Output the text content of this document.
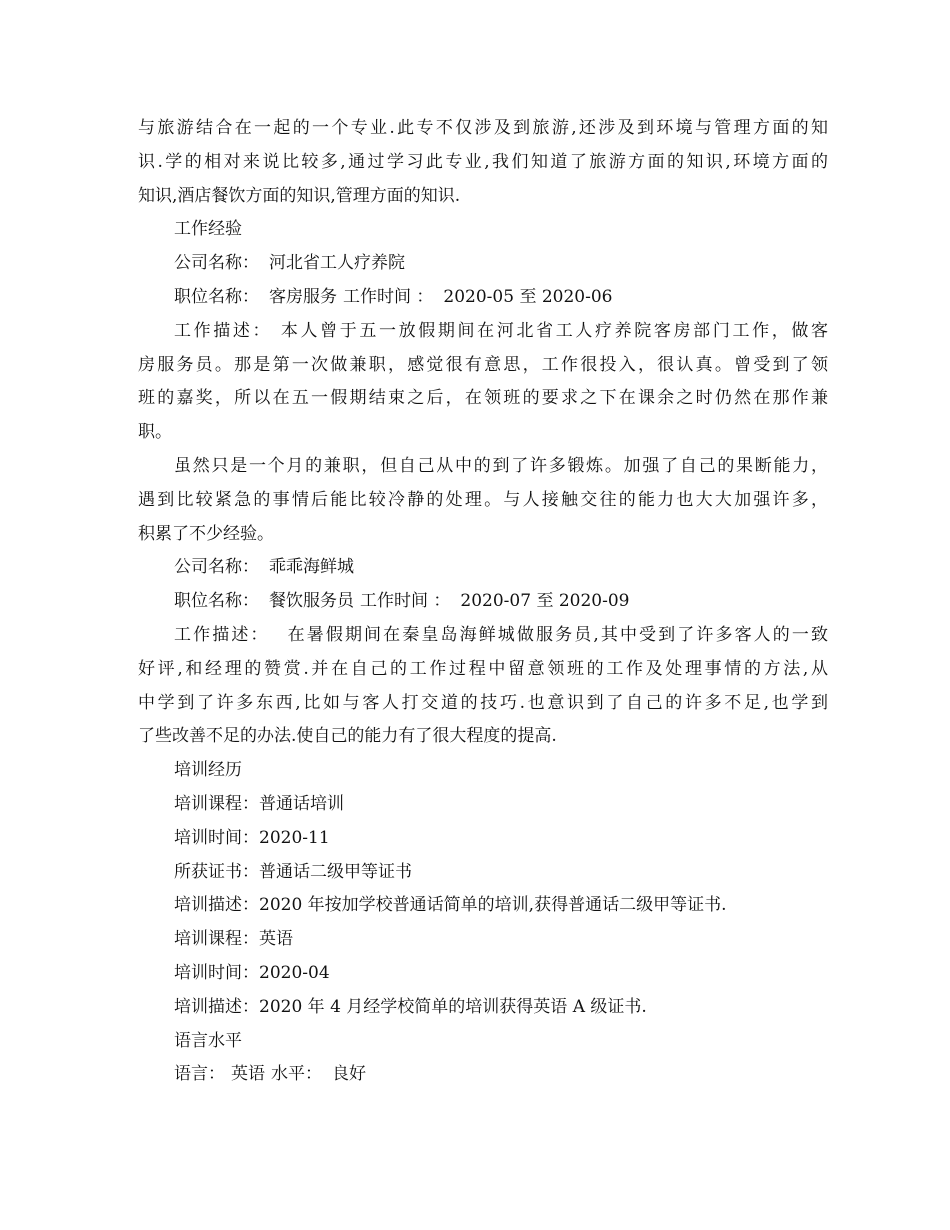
与旅游结合在一起的一个专业.此专不仅涉及到旅游,还涉及到环境与管理方面的知
识.学的相对来说比较多,通过学习此专业,我们知道了旅游方面的知识,环境方面的
知识,酒店餐饮方面的知识,管理方面的知识.
工作经验
公司名称： 河北省工人疗养院
职位名称： 客房服务 工作时间 ： 2020-05 至 2020-06
工作描述： 本人曾于五一放假期间在河北省工人疗养院客房部门工作，做客
房服务员。那是第一次做兼职，感觉很有意思，工作很投入，很认真。曾受到了领
班的嘉奖，所以在五一假期结束之后，在领班的要求之下在课余之时仍然在那作兼
职。
虽然只是一个月的兼职，但自己从中的到了许多锻炼。加强了自己的果断能力，
遇到比较紧急的事情后能比较冷静的处理。与人接触交往的能力也大大加强许多，
积累了不少经验。
公司名称： 乖乖海鲜城
职位名称： 餐饮服务员 工作时间 ： 2020-07 至 2020-09
工作描述： 在暑假期间在秦皇岛海鲜城做服务员,其中受到了许多客人的一致
好评,和经理的赞赏.并在自己的工作过程中留意领班的工作及处理事情的方法,从
中学到了许多东西,比如与客人打交道的技巧.也意识到了自己的许多不足,也学到
了些改善不足的办法.使自己的能力有了很大程度的提高.
培训经历
培训课程：普通话培训
培训时间：2020-11
所获证书：普通话二级甲等证书
培训描述：2020 年按加学校普通话简单的培训,获得普通话二级甲等证书.
培训课程：英语
培训时间：2020-04
培训描述：2020 年 4 月经学校简单的培训获得英语 A 级证书.
语言水平
语言： 英语 水平： 良好
